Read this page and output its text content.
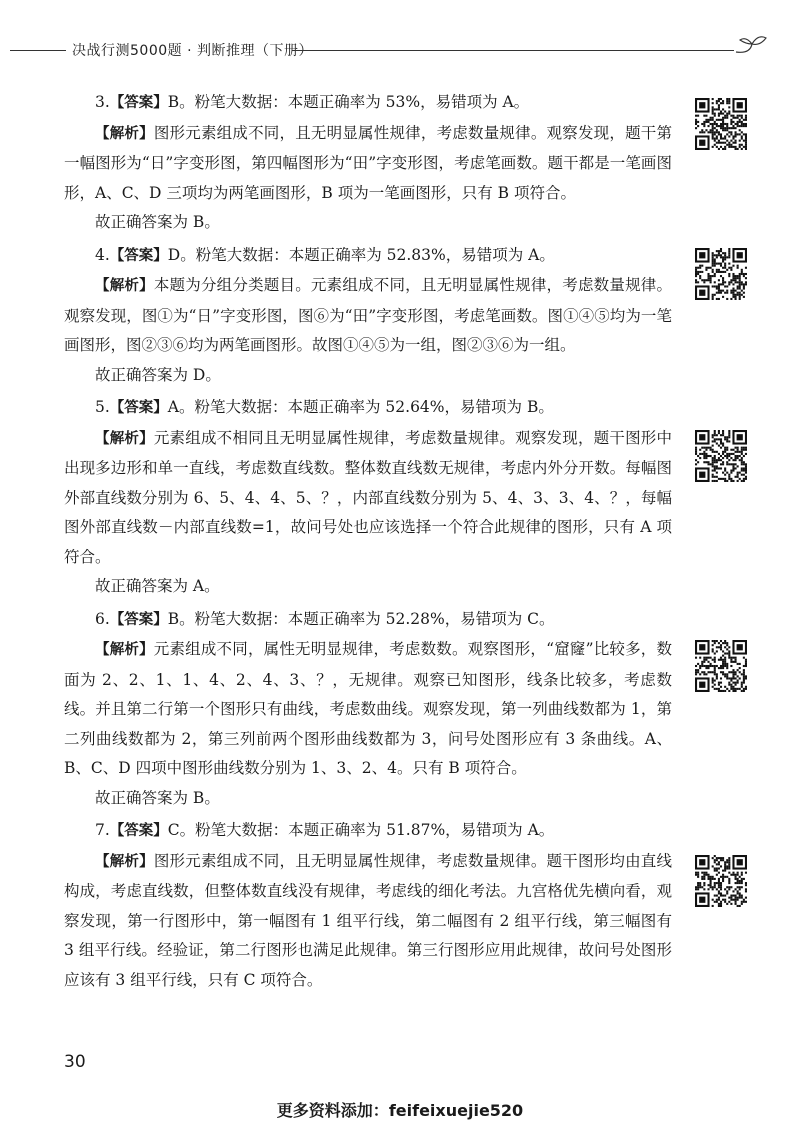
决战行测5000题 · 判断推理（下册）

3.【答案】B。粉笔大数据：本题正确率为 53%，易错项为 A。

【解析】图形元素组成不同，且无明显属性规律，考虑数量规律。观察发现，题干第一幅图形为“日”字变形图，第四幅图形为“田”字变形图，考虑笔画数。题干都是一笔画图形，A、C、D 三项均为两笔画图形，B 项为一笔画图形，只有 B 项符合。

故正确答案为 B。

4.【答案】D。粉笔大数据：本题正确率为 52.83%，易错项为 A。

【解析】本题为分组分类题目。元素组成不同，且无明显属性规律，考虑数量规律。观察发现，图①为“日”字变形图，图⑥为“田”字变形图，考虑笔画数。图①④⑤均为一笔画图形，图②③⑥均为两笔画图形。故图①④⑤为一组，图②③⑥为一组。

故正确答案为 D。

5.【答案】A。粉笔大数据：本题正确率为 52.64%，易错项为 B。

【解析】元素组成不相同且无明显属性规律，考虑数量规律。观察发现，题干图形中出现多边形和单一直线，考虑数直线数。整体数直线数无规律，考虑内外分开数。每幅图外部直线数分别为 6、5、4、4、5、？，内部直线数分别为 5、4、3、3、4、？，每幅图外部直线数－内部直线数=1，故问号处也应该选择一个符合此规律的图形，只有 A 项符合。

故正确答案为 A。

6.【答案】B。粉笔大数据：本题正确率为 52.28%，易错项为 C。

【解析】元素组成不同，属性无明显规律，考虑数数。观察图形，“窟窿”比较多，数面为 2、2、1、1、4、2、4、3、？，无规律。观察已知图形，线条比较多，考虑数线。并且第二行第一个图形只有曲线，考虑数曲线。观察发现，第一列曲线数都为 1，第二列曲线数都为 2，第三列前两个图形曲线数都为 3，问号处图形应有 3 条曲线。A、B、C、D 四项中图形曲线数分别为 1、3、2、4。只有 B 项符合。

故正确答案为 B。

7.【答案】C。粉笔大数据：本题正确率为 51.87%，易错项为 A。

【解析】图形元素组成不同，且无明显属性规律，考虑数量规律。题干图形均由直线构成，考虑直线数，但整体数直线没有规律，考虑线的细化考法。九宫格优先横向看，观察发现，第一行图形中，第一幅图有 1 组平行线，第二幅图有 2 组平行线，第三幅图有 3 组平行线。经验证，第二行图形也满足此规律。第三行图形应用此规律，故问号处图形应该有 3 组平行线，只有 C 项符合。

30
更多资料添加：feifeixuejie520
